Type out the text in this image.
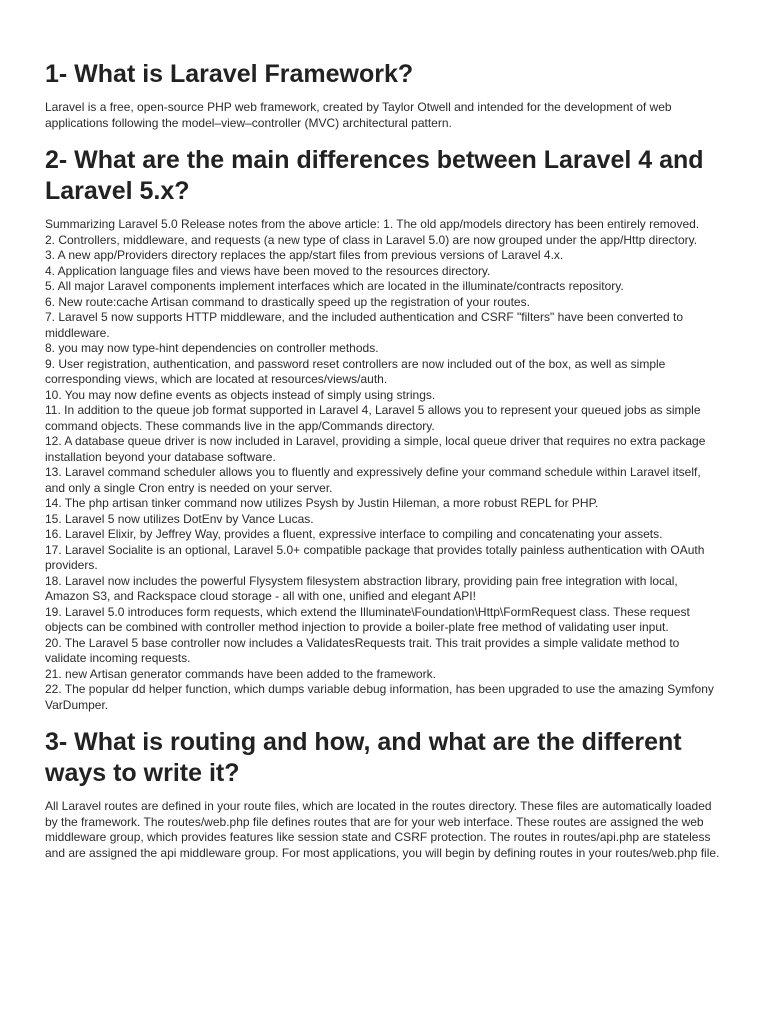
1- What is Laravel Framework?

Laravel is a free, open-source PHP web framework, created by Taylor Otwell and intended for the development of web applications following the model–view–controller (MVC) architectural pattern.

2- What are the main differences between Laravel 4 and Laravel 5.x?
Summarizing Laravel 5.0 Release notes from the above article: 1. The old app/models directory has been entirely removed.
2. Controllers, middleware, and requests (a new type of class in Laravel 5.0) are now grouped under the app/Http directory.
3. A new app/Providers directory replaces the app/start files from previous versions of Laravel 4.x.
4. Application language files and views have been moved to the resources directory.
5. All major Laravel components implement interfaces which are located in the illuminate/contracts repository.
6. New route:cache Artisan command to drastically speed up the registration of your routes.
7. Laravel 5 now supports HTTP middleware, and the included authentication and CSRF "filters" have been converted to middleware.
8. you may now type-hint dependencies on controller methods.
9. User registration, authentication, and password reset controllers are now included out of the box, as well as simple corresponding views, which are located at resources/views/auth.
10. You may now define events as objects instead of simply using strings.
11. In addition to the queue job format supported in Laravel 4, Laravel 5 allows you to represent your queued jobs as simple command objects. These commands live in the app/Commands directory.
12. A database queue driver is now included in Laravel, providing a simple, local queue driver that requires no extra package installation beyond your database software.
13. Laravel command scheduler allows you to fluently and expressively define your command schedule within Laravel itself, and only a single Cron entry is needed on your server.
14. The php artisan tinker command now utilizes Psysh by Justin Hileman, a more robust REPL for PHP.
15. Laravel 5 now utilizes DotEnv by Vance Lucas.
16. Laravel Elixir, by Jeffrey Way, provides a fluent, expressive interface to compiling and concatenating your assets.
17. Laravel Socialite is an optional, Laravel 5.0+ compatible package that provides totally painless authentication with OAuth providers.
18. Laravel now includes the powerful Flysystem filesystem abstraction library, providing pain free integration with local, Amazon S3, and Rackspace cloud storage - all with one, unified and elegant API!
19. Laravel 5.0 introduces form requests, which extend the Illuminate\Foundation\Http\FormRequest class. These request objects can be combined with controller method injection to provide a boiler-plate free method of validating user input.
20. The Laravel 5 base controller now includes a ValidatesRequests trait. This trait provides a simple validate method to validate incoming requests.
21. new Artisan generator commands have been added to the framework.
22. The popular dd helper function, which dumps variable debug information, has been upgraded to use the amazing Symfony VarDumper.
3- What is routing and how, and what are the different ways to write it?

All Laravel routes are defined in your route files, which are located in the routes directory. These files are automatically loaded by the framework. The routes/web.php file defines routes that are for your web interface. These routes are assigned the web middleware group, which provides features like session state and CSRF protection. The routes in routes/api.php are stateless and are assigned the api middleware group. For most applications, you will begin by defining routes in your routes/web.php file.
